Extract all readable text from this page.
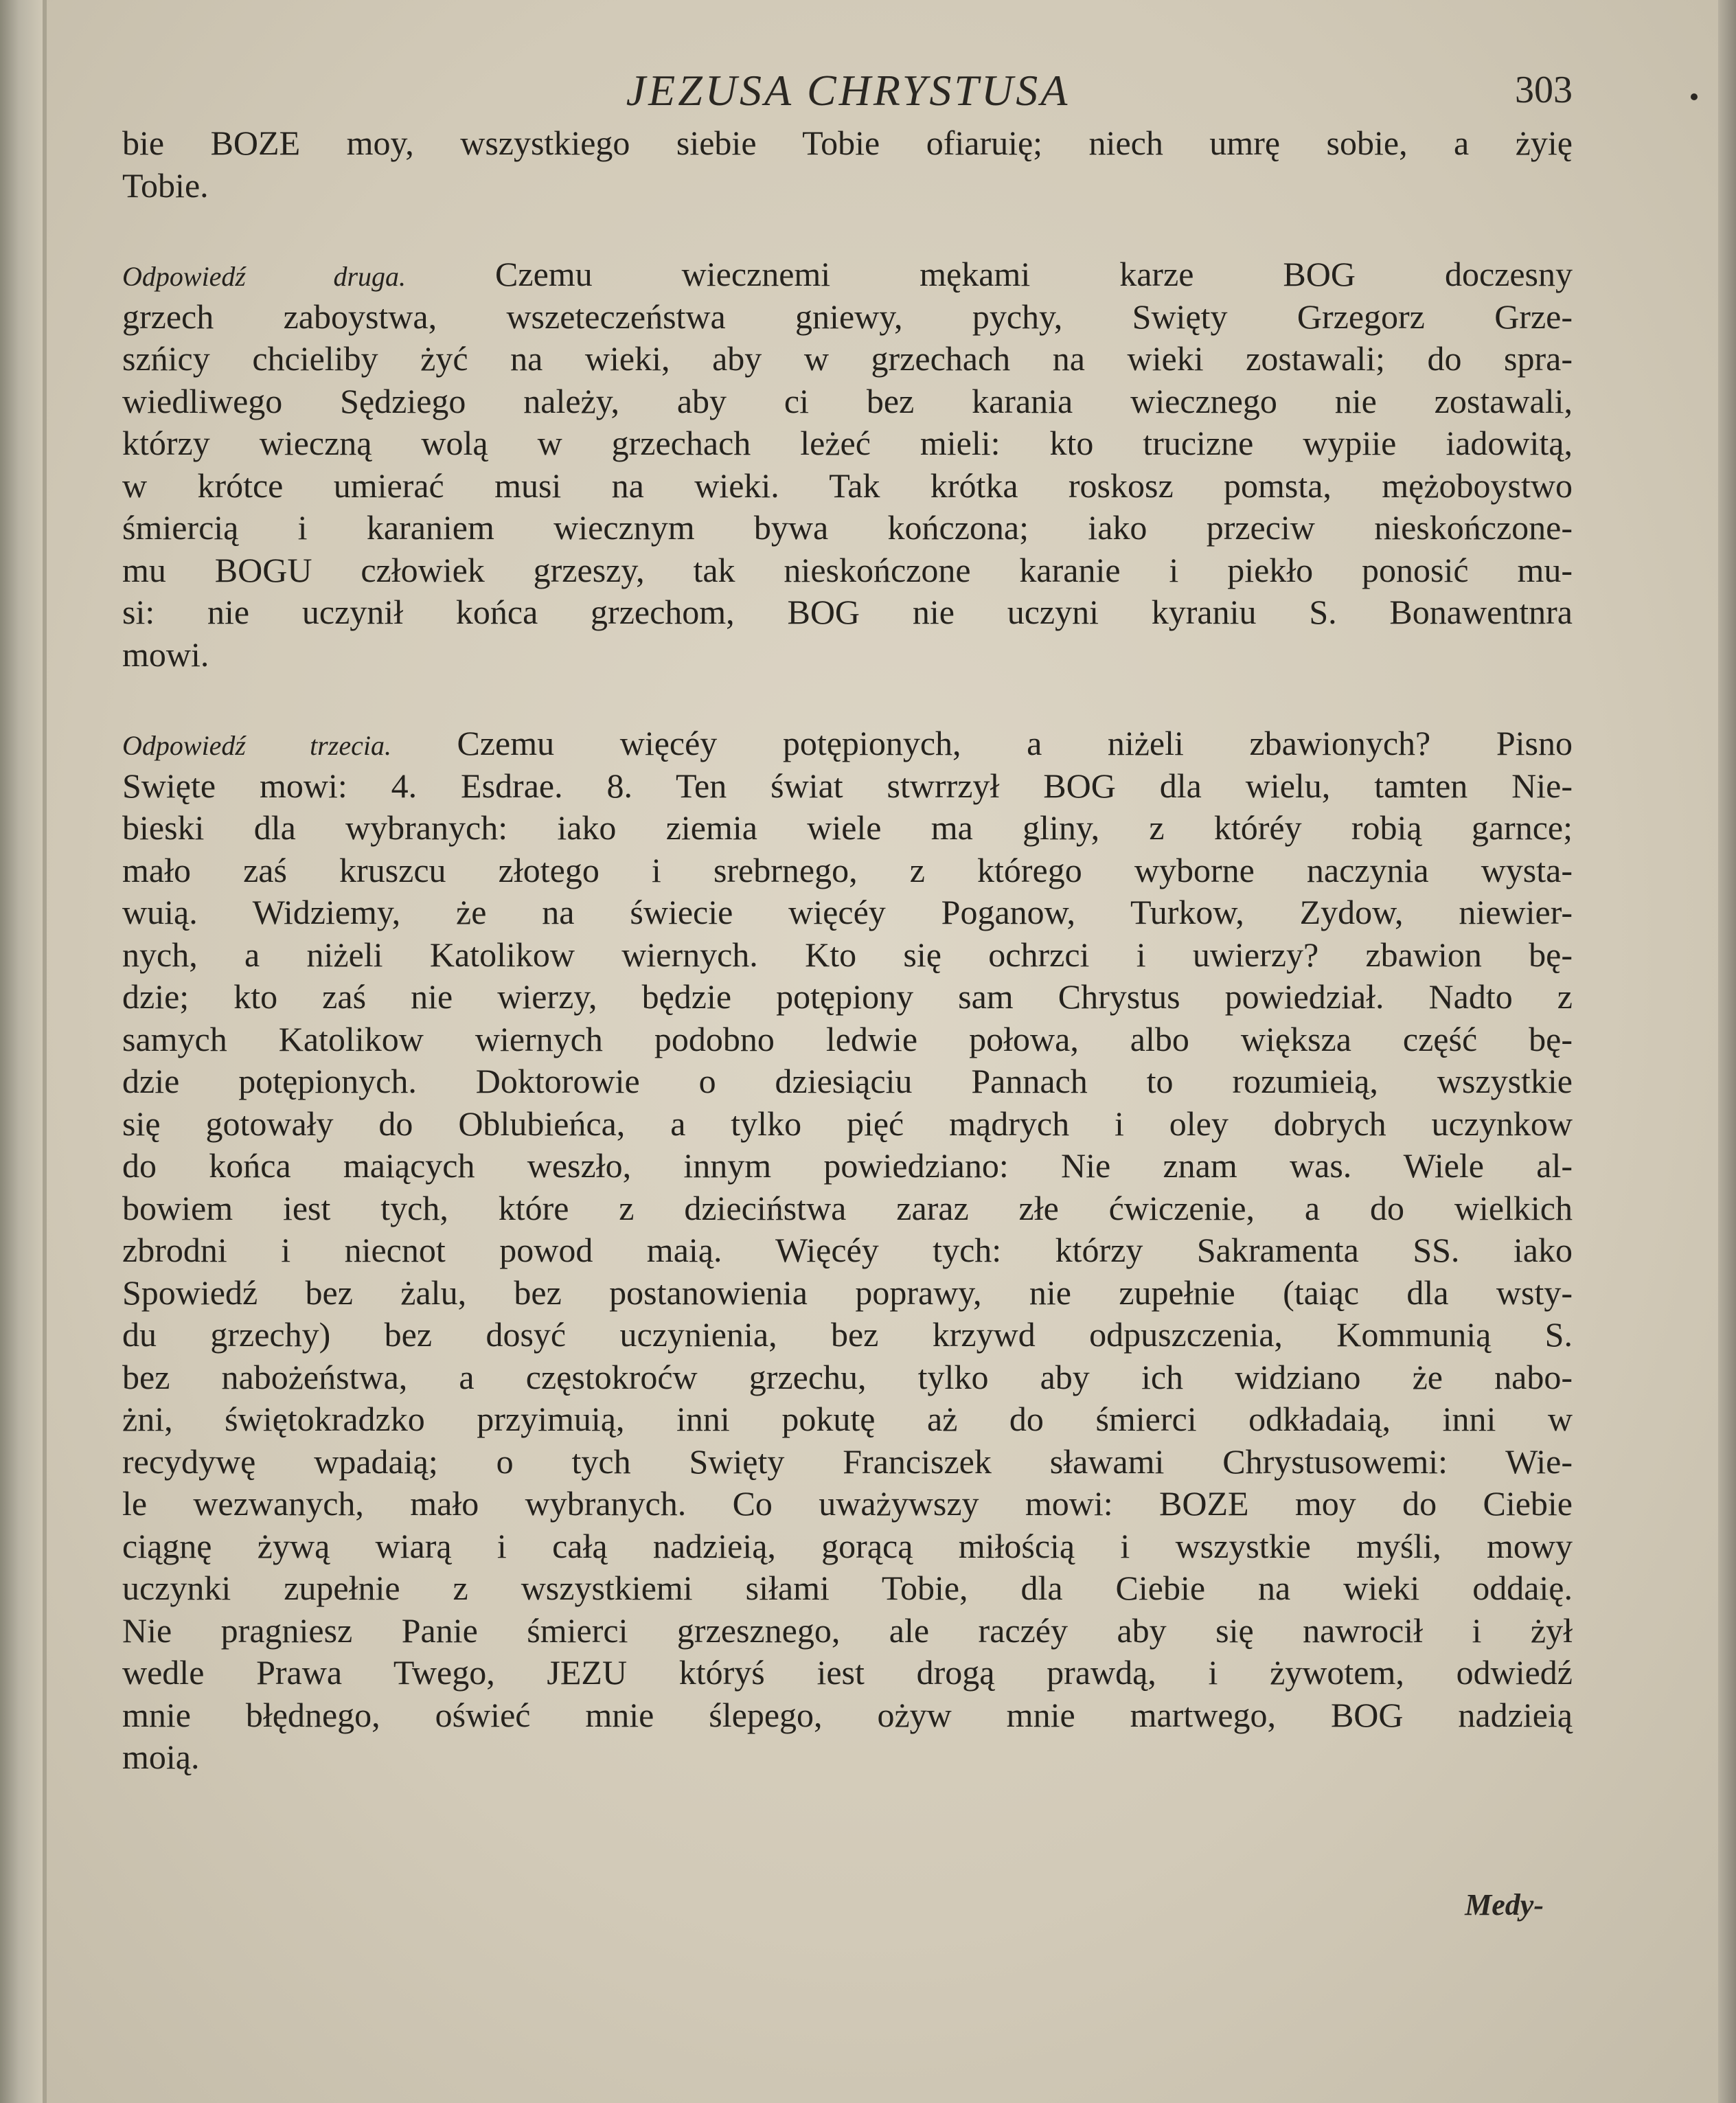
JEZUSA CHRYSTUSA	303
bie BOZE moy, wszystkiego siebie Tobie ofiaruię; niech umrę sobie, a żyię
Tobie.
Odpowiedź druga. Czemu wiecznemi mękami karze BOG doczesny
grzech zaboystwa, wszeteczeństwa gniewy, pychy, Swięty Grzegorz Grze-
szńicy chcieliby żyć na wieki, aby w grzechach na wieki zostawali; do spra-
wiedliwego Sędziego należy, aby ci bez karania wiecznego nie zostawali,
którzy wieczną wolą w grzechach leżeć mieli: kto trucizne wypiie iadowitą,
w krótce umierać musi na wieki. Tak krótka roskosz pomsta, mężoboystwo
śmiercią i karaniem wiecznym bywa kończona; iako przeciw nieskończone-
mu BOGU człowiek grzeszy, tak nieskończone karanie i piekło ponosić mu-
si: nie uczynił końca grzechom, BOG nie uczyni kyraniu S. Bonawentnra
mowi.
Odpowiedź trzecia. Czemu więcéy potępionych, a niżeli zbawionych? Pisno
Swięte mowi: 4. Esdrae. 8. Ten świat stwrrzył BOG dla wielu, tamten Nie-
bieski dla wybranych: iako ziemia wiele ma gliny, z któréy robią garnce;
mało zaś kruszcu złotego i srebrnego, z którego wyborne naczynia wysta-
wuią. Widziemy, że na świecie więcéy Poganow, Turkow, Zydow, niewier-
nych, a niżeli Katolikow wiernych. Kto się ochrzci i uwierzy? zbawion bę-
dzie; kto zaś nie wierzy, będzie potępiony sam Chrystus powiedział. Nadto z
samych Katolikow wiernych podobno ledwie połowa, albo większa część bę-
dzie potępionych. Doktorowie o dziesiąciu Pannach to rozumieią, wszystkie
się gotowały do Oblubieńca, a tylko pięć mądrych i oley dobrych uczynkow
do końca maiących weszło, innym powiedziano: Nie znam was. Wiele al-
bowiem iest tych, które z dzieciństwa zaraz złe ćwiczenie, a do wielkich
zbrodni i niecnot powod maią. Więcéy tych: którzy Sakramenta SS. iako
Spowiedź bez żalu, bez postanowienia poprawy, nie zupełnie (taiąc dla wsty-
du grzechy) bez dosyć uczynienia, bez krzywd odpuszczenia, Kommunią S.
bez nabożeństwa, a częstokroćw grzechu, tylko aby ich widziano że nabo-
żni, świętokradzko przyimuią, inni pokutę aż do śmierci odkładaią, inni w
recydywę wpadaią; o tych Swięty Franciszek sławami Chrystusowemi: Wie-
le wezwanych, mało wybranych. Co uważywszy mowi: BOZE moy do Ciebie
ciągnę żywą wiarą i całą nadzieią, gorącą miłością i wszystkie myśli, mowy
uczynki zupełnie z wszystkiemi siłami Tobie, dla Ciebie na wieki oddaię.
Nie pragniesz Panie śmierci grzesznego, ale raczéy aby się nawrocił i żył
wedle Prawa Twego, JEZU któryś iest drogą prawdą, i żywotem, odwiedź
mnie błędnego, oświeć mnie ślepego, ożyw mnie martwego, BOG nadzieią
moią.
Medy-
